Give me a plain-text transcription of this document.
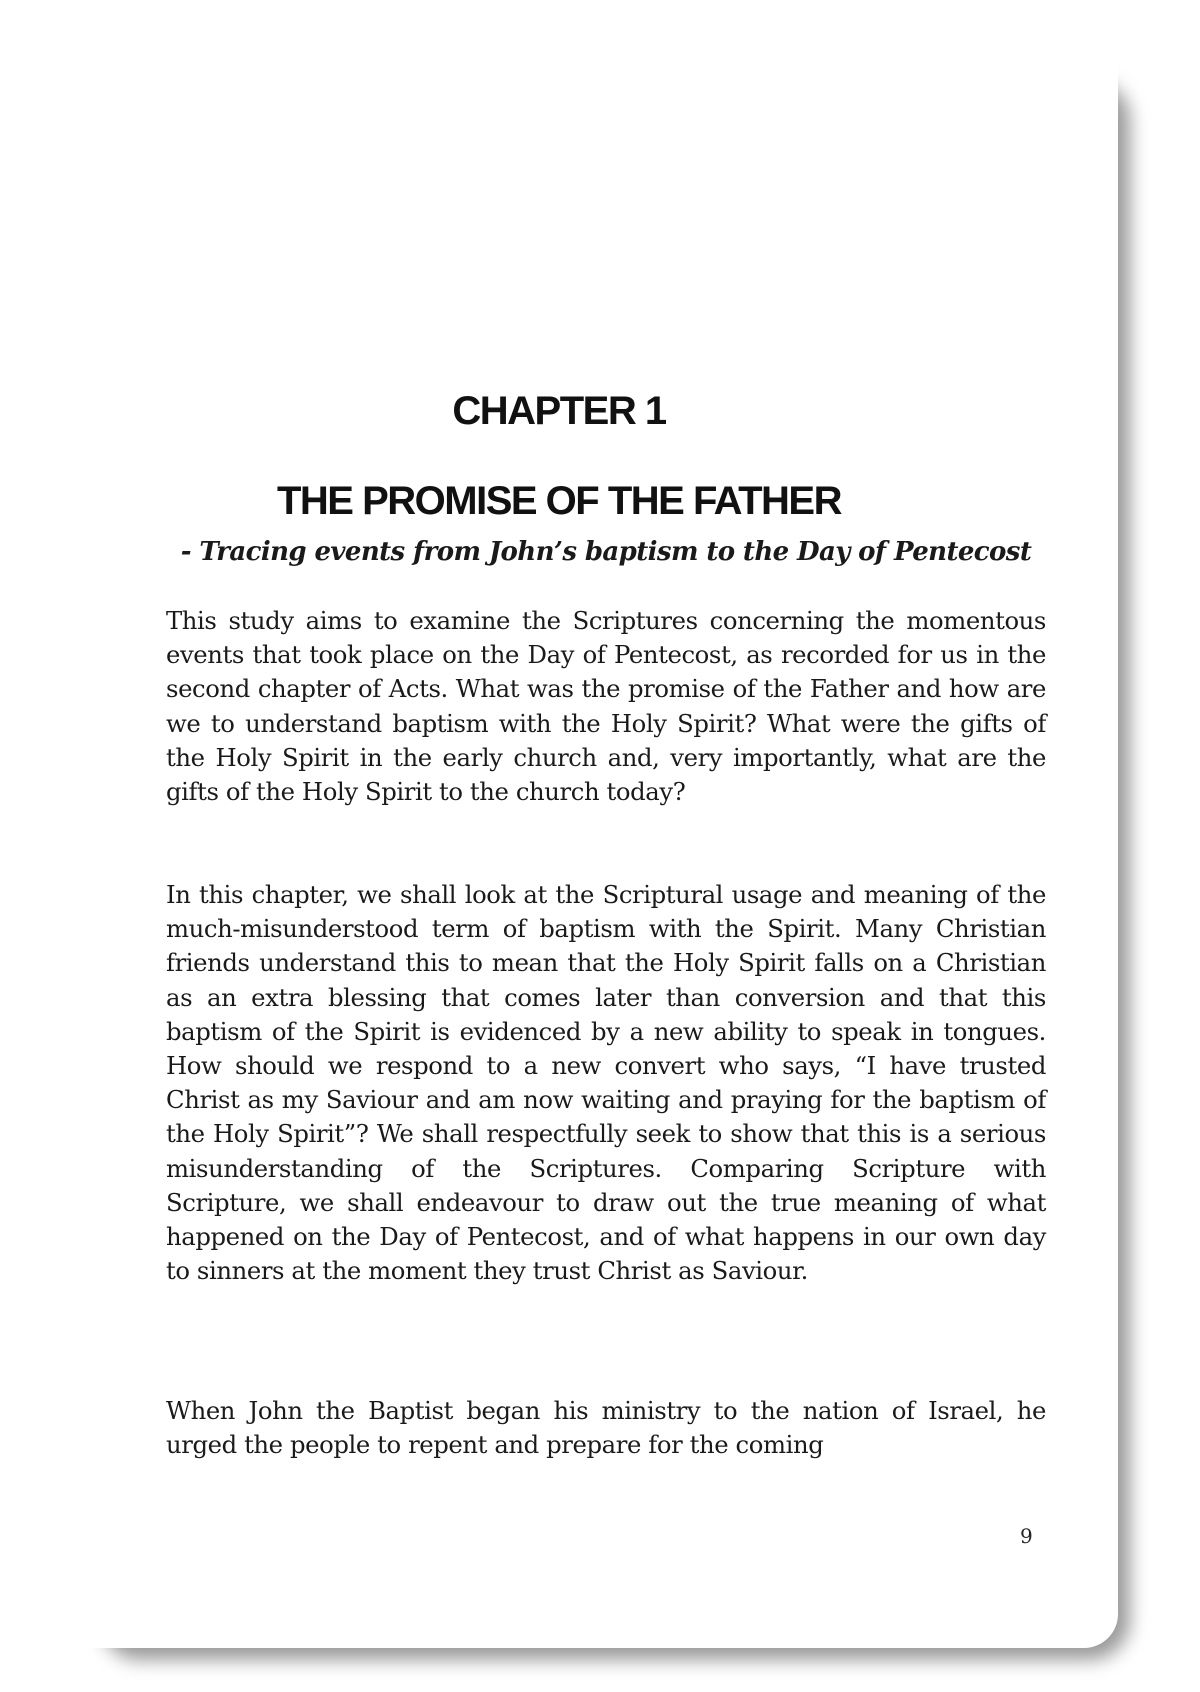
CHAPTER 1
THE PROMISE OF THE FATHER
- Tracing events from John’s baptism to the Day of Pentecost

This study aims to examine the Scriptures concerning the momentous events that took place on the Day of Pentecost, as recorded for us in the second chapter of Acts. What was the promise of the Father and how are we to understand baptism with the Holy Spirit? What were the gifts of the Holy Spirit in the early church and, very importantly, what are the gifts of the Holy Spirit to the church today?

In this chapter, we shall look at the Scriptural usage and meaning of the much-misunderstood term of baptism with the Spirit. Many Christian friends understand this to mean that the Holy Spirit falls on a Christian as an extra blessing that comes later than conversion and that this baptism of the Spirit is evidenced by a new ability to speak in tongues. How should we respond to a new convert who says, “I have trusted Christ as my Saviour and am now waiting and praying for the baptism of the Holy Spirit”? We shall respectfully seek to show that this is a serious misunderstanding of the Scriptures. Comparing Scripture with Scripture, we shall endeavour to draw out the true meaning of what happened on the Day of Pentecost, and of what happens in our own day to sinners at the moment they trust Christ as Saviour.

When John the Baptist began his ministry to the nation of Israel, he urged the people to repent and prepare for the coming

9
